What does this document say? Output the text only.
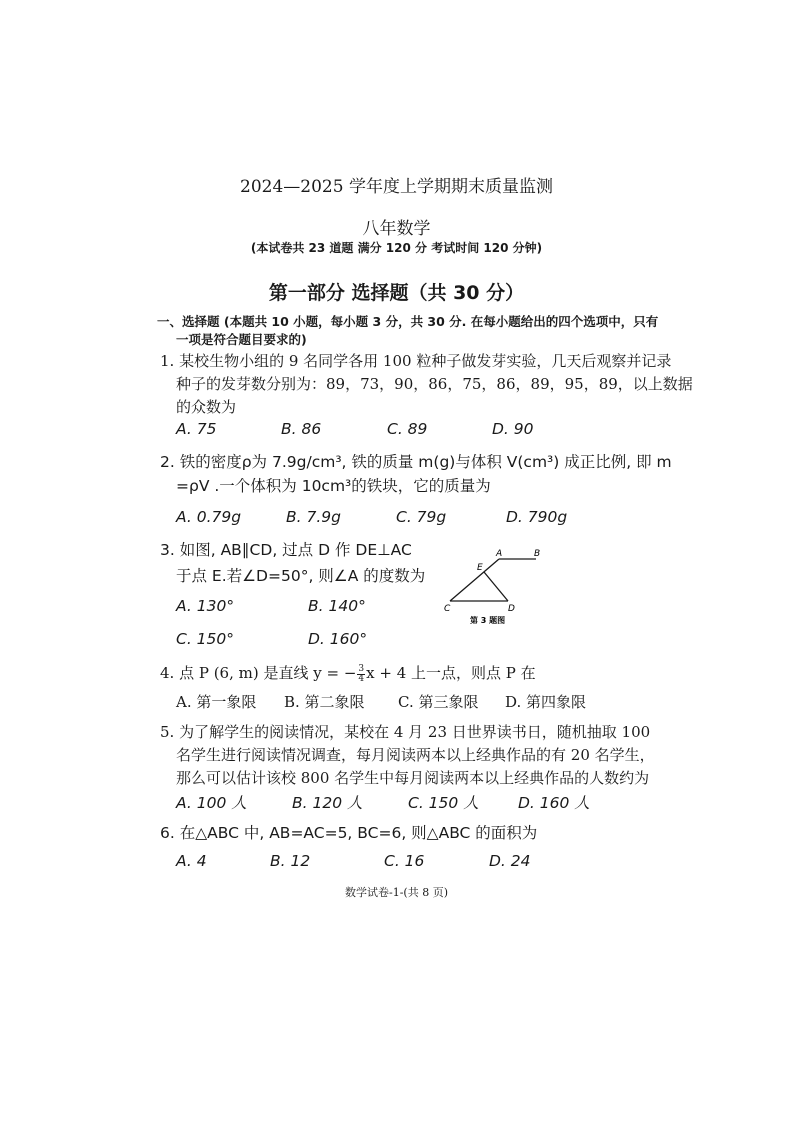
2024—2025 学年度上学期期末质量监测
八年数学
(本试卷共 23 道题 满分 120 分 考试时间 120 分钟)
第一部分 选择题（共 30 分）
一、选择题 (本题共 10 小题，每小题 3 分，共 30 分. 在每小题给出的四个选项中，只有
一项是符合题目要求的)
1. 某校生物小组的 9 名同学各用 100 粒种子做发芽实验，几天后观察并记录
种子的发芽数分别为：89，73，90，86，75，86，89，95，89，以上数据
的众数为
A. 75	B. 86	C. 89	D. 90
2. 铁的密度ρ为 7.9g/cm³, 铁的质量 m(g)与体积 V(cm³) 成正比例, 即 m
=ρV .一个体积为 10cm³的铁块，它的质量为
A. 0.79g	B. 7.9g	C. 79g	D. 790g
3. 如图, AB∥CD, 过点 D 作 DE⊥AC
于点 E.若∠D=50°, 则∠A 的度数为
A. 130°	B. 140°
C. 150°	D. 160°
A	B
E
C	D
第 3 题图
4. 点 P (6, m) 是直线 y = − $\frac{3}{4}$ x + 4 上一点，则点 P 在
A. 第一象限 B. 第二象限 C. 第三象限 D. 第四象限
5. 为了解学生的阅读情况，某校在 4 月 23 日世界读书日，随机抽取 100
名学生进行阅读情况调查，每月阅读两本以上经典作品的有 20 名学生，
那么可以估计该校 800 名学生中每月阅读两本以上经典作品的人数约为
A. 100 人	B. 120 人	C. 150 人	D. 160 人
6. 在△ABC 中, AB=AC=5, BC=6, 则△ABC 的面积为
A. 4	B. 12	C. 16	D. 24
数学试卷-1-(共 8 页)
